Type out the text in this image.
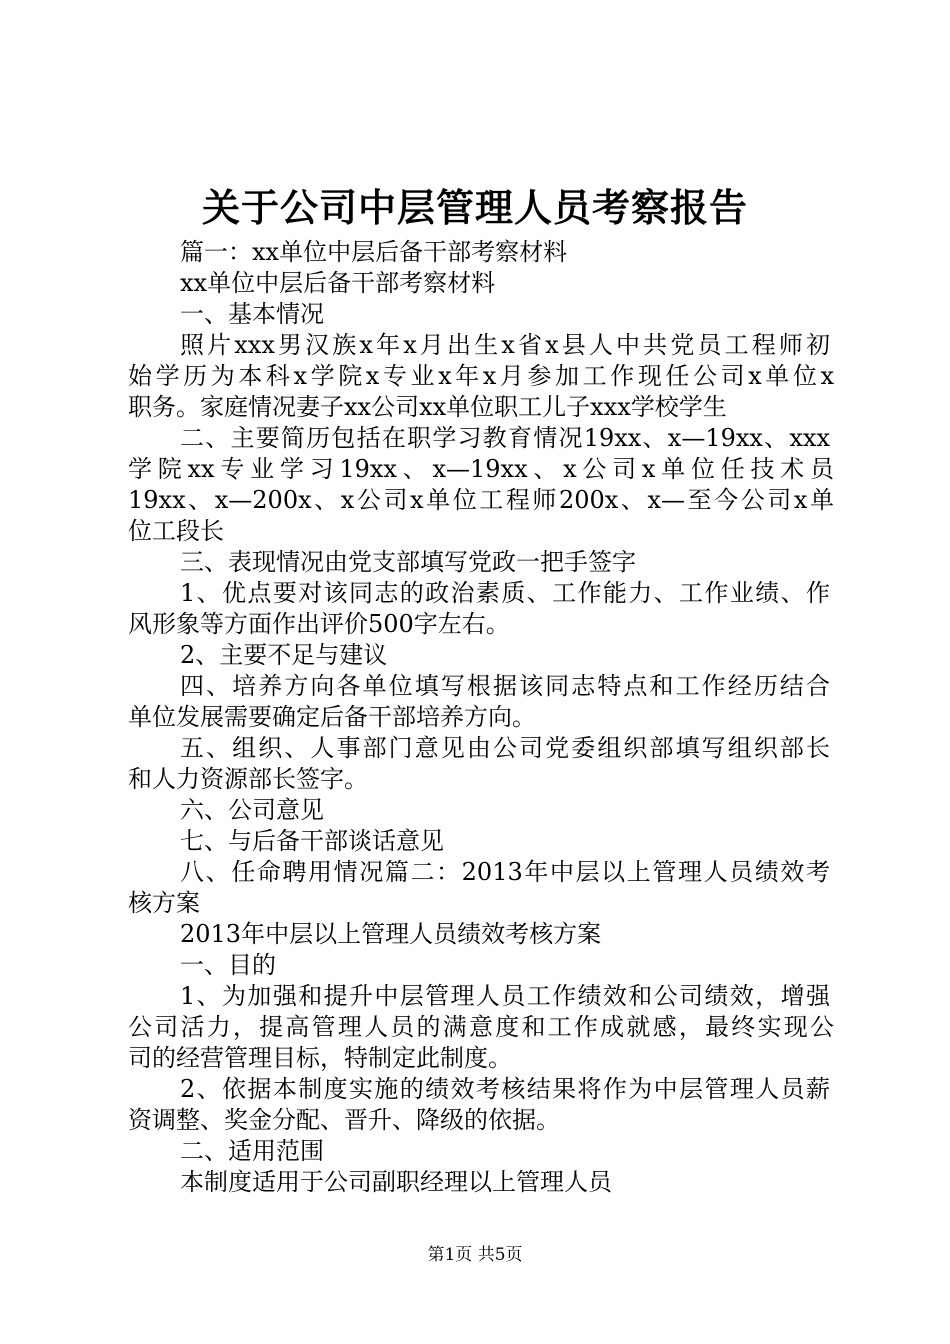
关于公司中层管理人员考察报告
篇一：xx单位中层后备干部考察材料
xx单位中层后备干部考察材料
一、基本情况
照片xxx男汉族x年x月出生x省x县人中共党员工程师初
始学历为本科x学院x专业x年x月参加工作现任公司x单位x
职务。家庭情况妻子xx公司xx单位职工儿子xxx学校学生
二、主要简历包括在职学习教育情况19xx、x—19xx、xxx
学院xx专业学习19xx、x—19xx、x公司x单位任技术员
19xx、x—200x、x公司x单位工程师200x、x—至今公司x单
位工段长
三、表现情况由党支部填写党政一把手签字
1、优点要对该同志的政治素质、工作能力、工作业绩、作
风形象等方面作出评价500字左右。
2、主要不足与建议
四、培养方向各单位填写根据该同志特点和工作经历结合
单位发展需要确定后备干部培养方向。
五、组织、人事部门意见由公司党委组织部填写组织部长
和人力资源部长签字。
六、公司意见
七、与后备干部谈话意见
八、任命聘用情况篇二：2013年中层以上管理人员绩效考
核方案
2013年中层以上管理人员绩效考核方案
一、目的
1、为加强和提升中层管理人员工作绩效和公司绩效，增强
公司活力，提高管理人员的满意度和工作成就感，最终实现公
司的经营管理目标，特制定此制度。
2、依据本制度实施的绩效考核结果将作为中层管理人员薪
资调整、奖金分配、晋升、降级的依据。
二、适用范围
本制度适用于公司副职经理以上管理人员
第1页 共5页
